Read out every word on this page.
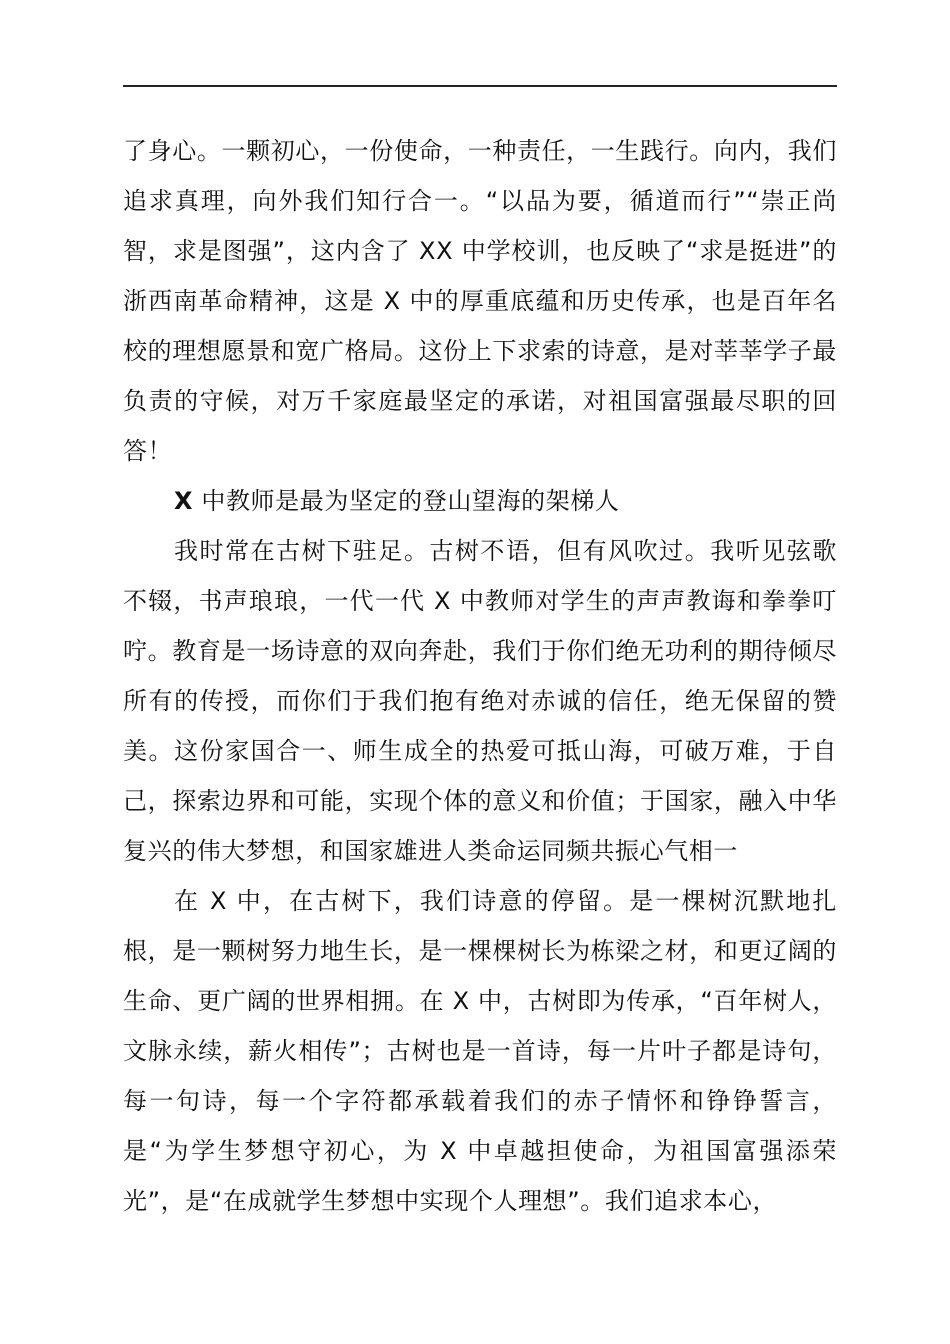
了身心。一颗初心，一份使命，一种责任，一生践行。向内，我们追求真理，向外我们知行合一。“以品为要，循道而行”“崇正尚智，求是图强”，这内含了 XX 中学校训，也反映了“求是挺进”的浙西南革命精神，这是 X 中的厚重底蕴和历史传承，也是百年名校的理想愿景和宽广格局。这份上下求索的诗意，是对莘莘学子最负责的守候，对万千家庭最坚定的承诺，对祖国富强最尽职的回答！

X 中教师是最为坚定的登山望海的架梯人

我时常在古树下驻足。古树不语，但有风吹过。我听见弦歌不辍，书声琅琅，一代一代 X 中教师对学生的声声教诲和拳拳叮咛。教育是一场诗意的双向奔赴，我们于你们绝无功利的期待倾尽所有的传授，而你们于我们抱有绝对赤诚的信任，绝无保留的赞美。这份家国合一、师生成全的热爱可抵山海，可破万难，于自己，探索边界和可能，实现个体的意义和价值；于国家，融入中华复兴的伟大梦想，和国家雄进人类命运同频共振心气相一

在 X 中，在古树下，我们诗意的停留。是一棵树沉默地扎根，是一颗树努力地生长，是一棵棵树长为栋梁之材，和更辽阔的生命、更广阔的世界相拥。在 X 中，古树即为传承，“百年树人，文脉永续，薪火相传”；古树也是一首诗，每一片叶子都是诗句，每一句诗，每一个字符都承载着我们的赤子情怀和铮铮誓言，是“为学生梦想守初心，为 X 中卓越担使命，为祖国富强添荣光”，是“在成就学生梦想中实现个人理想”。我们追求本心，
